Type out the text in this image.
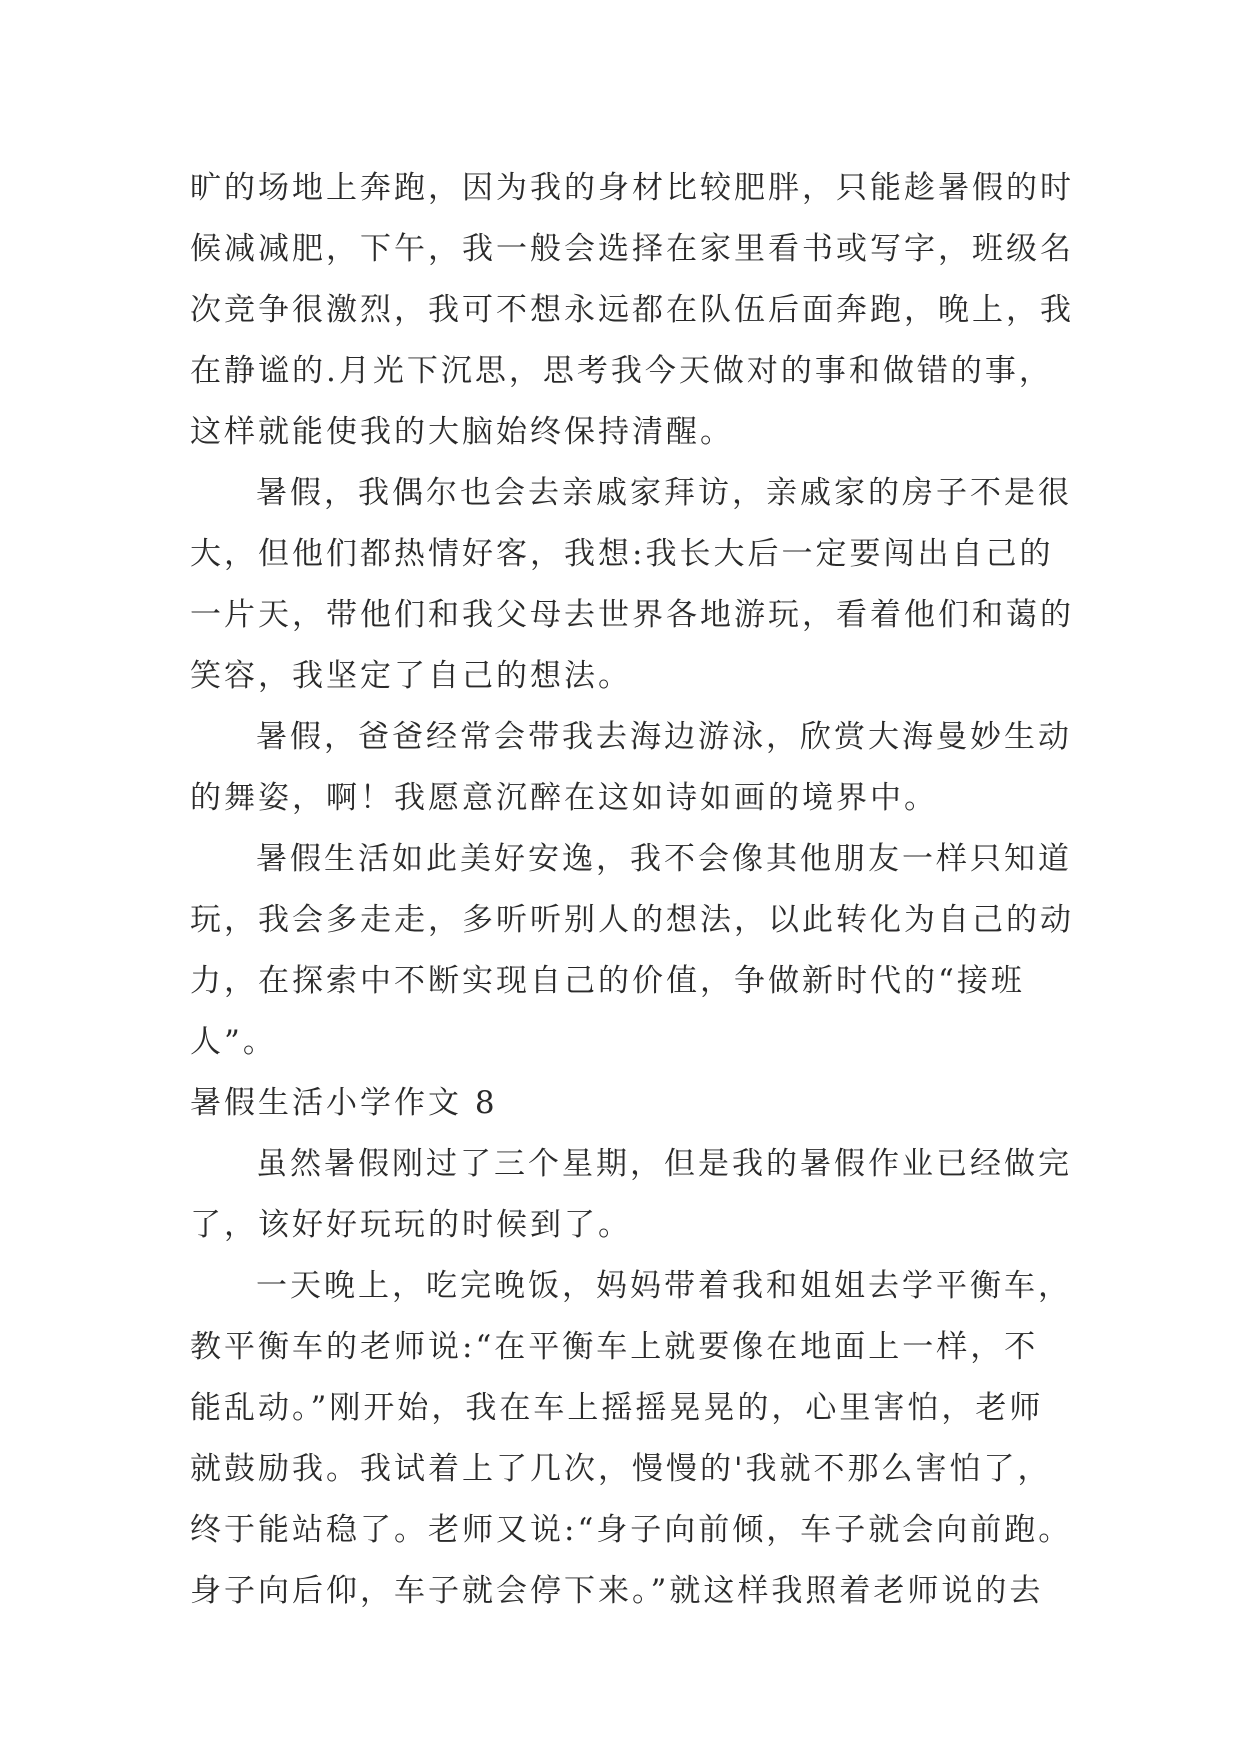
旷的场地上奔跑，因为我的身材比较肥胖，只能趁暑假的时

候减减肥，下午，我一般会选择在家里看书或写字，班级名

次竞争很激烈，我可不想永远都在队伍后面奔跑，晚上，我

在静谧的.月光下沉思，思考我今天做对的事和做错的事，

这样就能使我的大脑始终保持清醒。

暑假，我偶尔也会去亲戚家拜访，亲戚家的房子不是很

大，但他们都热情好客，我想:我长大后一定要闯出自己的

一片天，带他们和我父母去世界各地游玩，看着他们和蔼的

笑容，我坚定了自己的想法。

暑假，爸爸经常会带我去海边游泳，欣赏大海曼妙生动

的舞姿，啊！我愿意沉醉在这如诗如画的境界中。

暑假生活如此美好安逸，我不会像其他朋友一样只知道

玩，我会多走走，多听听别人的想法，以此转化为自己的动

力，在探索中不断实现自己的价值，争做新时代的“接班

人”。

暑假生活小学作文 8

虽然暑假刚过了三个星期，但是我的暑假作业已经做完

了，该好好玩玩的时候到了。

一天晚上，吃完晚饭，妈妈带着我和姐姐去学平衡车，

教平衡车的老师说:“在平衡车上就要像在地面上一样，不

能乱动。”刚开始，我在车上摇摇晃晃的，心里害怕，老师

就鼓励我。我试着上了几次，慢慢的'我就不那么害怕了，

终于能站稳了。老师又说:“身子向前倾，车子就会向前跑。

身子向后仰，车子就会停下来。”就这样我照着老师说的去
